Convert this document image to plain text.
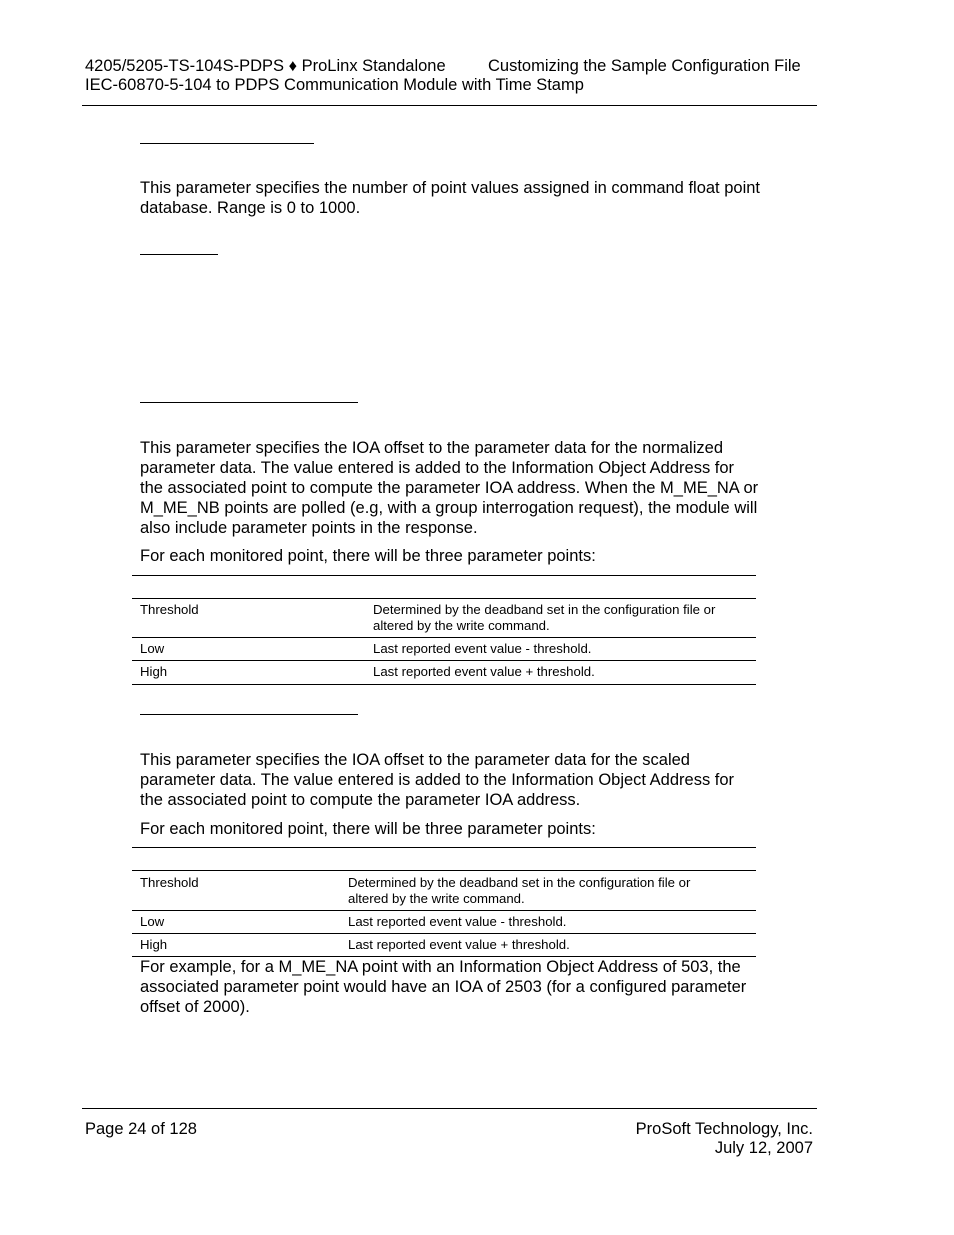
4205/5205-TS-104S-PDPS ♦ ProLinx Standalone	Customizing the Sample Configuration File
IEC-60870-5-104 to PDPS Communication Module with Time Stamp
This parameter specifies the number of point values assigned in command float point database. Range is 0 to 1000.
This parameter specifies the IOA offset to the parameter data for the normalized parameter data. The value entered is added to the Information Object Address for the associated point to compute the parameter IOA address. When the M_ME_NA or M_ME_NB points are polled (e.g, with a group interrogation request), the module will also include parameter points in the response.
For each monitored point, there will be three parameter points:
Threshold	Determined by the deadband set in the configuration file or
altered by the write command.
Low	Last reported event value - threshold.
High	Last reported event value + threshold.
This parameter specifies the IOA offset to the parameter data for the scaled parameter data. The value entered is added to the Information Object Address for the associated point to compute the parameter IOA address.
For each monitored point, there will be three parameter points:
Threshold	Determined by the deadband set in the configuration file or
altered by the write command.
Low	Last reported event value - threshold.
High	Last reported event value + threshold.
For example, for a M_ME_NA point with an Information Object Address of 503, the associated parameter point would have an IOA of 2503 (for a configured parameter offset of 2000).
Page 24 of 128	ProSoft Technology, Inc.
July 12, 2007
